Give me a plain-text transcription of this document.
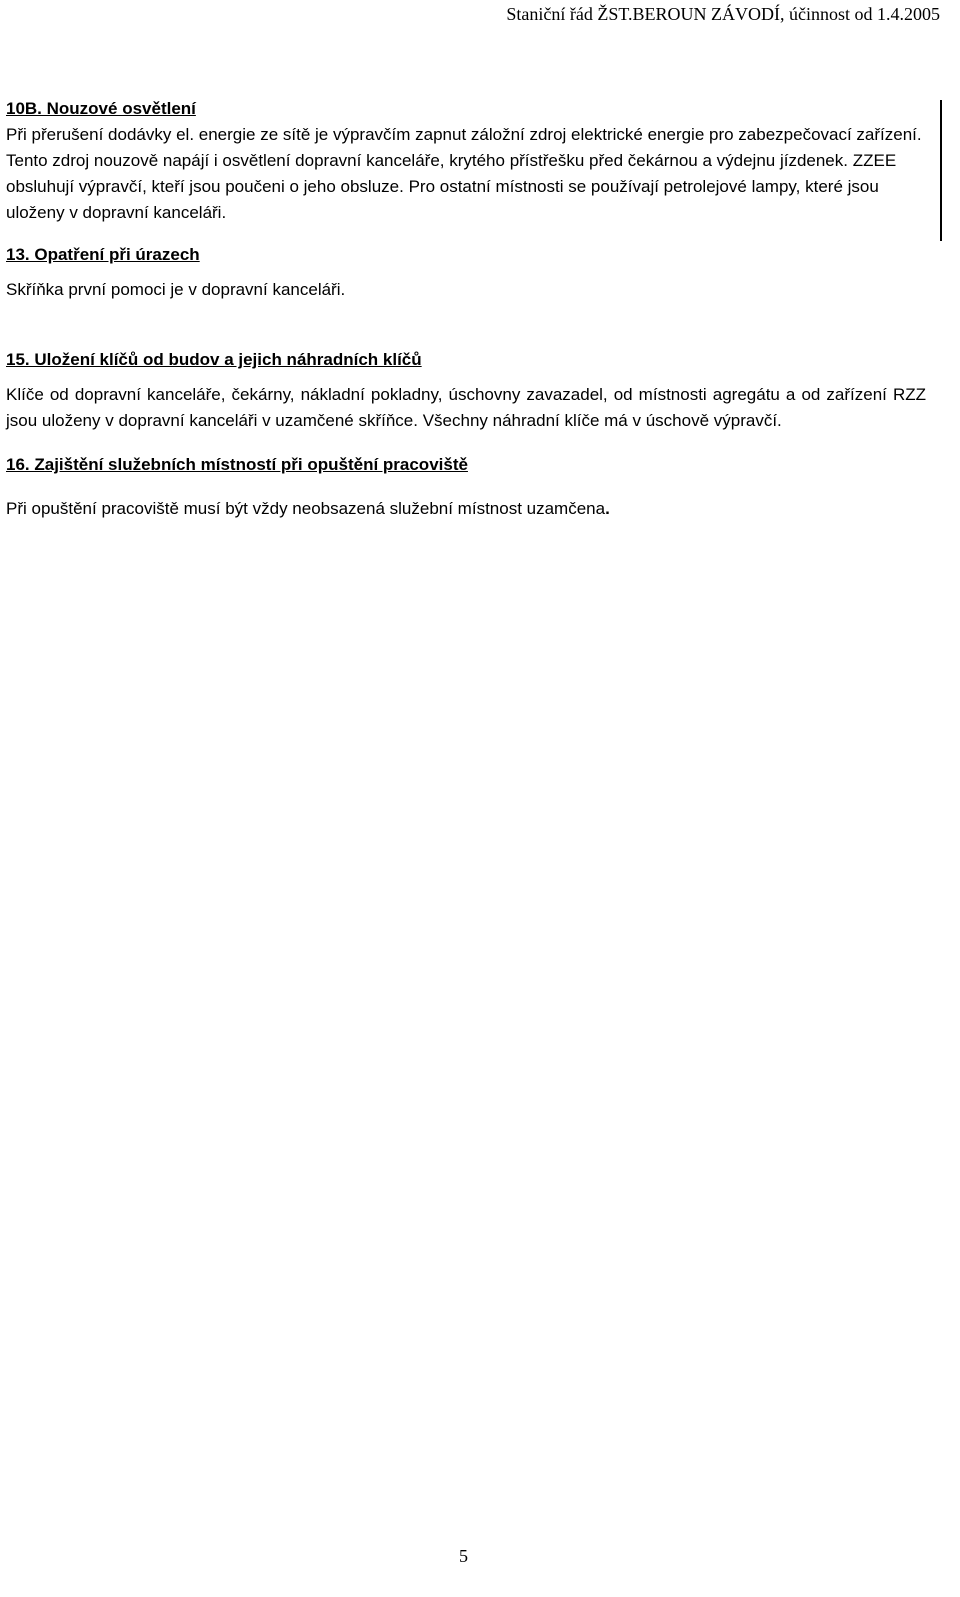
Staniční řád ŽST.BEROUN ZÁVODÍ, účinnost od 1.4.2005

10B. Nouzové osvětlení

Při přerušení dodávky el. energie ze sítě je výpravčím zapnut záložní zdroj elektrické energie pro zabezpečovací zařízení. Tento zdroj nouzově napájí i osvětlení dopravní kanceláře, krytého přístřešku před čekárnou a výdejnu jízdenek. ZZEE obsluhují výpravčí, kteří jsou poučeni o jeho obsluze. Pro ostatní místnosti se používají petrolejové lampy, které jsou uloženy v dopravní kanceláři.

13. Opatření při úrazech

Skříňka první pomoci je v dopravní kanceláři.

15. Uložení klíčů od budov a jejich náhradních klíčů

Klíče od dopravní kanceláře, čekárny, nákladní pokladny, úschovny zavazadel, od místnosti agregátu a od zařízení RZZ jsou uloženy v dopravní kanceláři v uzamčené skříňce. Všechny náhradní klíče má v úschově výpravčí.

16. Zajištění služebních místností při opuštění pracoviště

Při opuštění pracoviště musí být vždy neobsazená služební místnost uzamčena.

5
